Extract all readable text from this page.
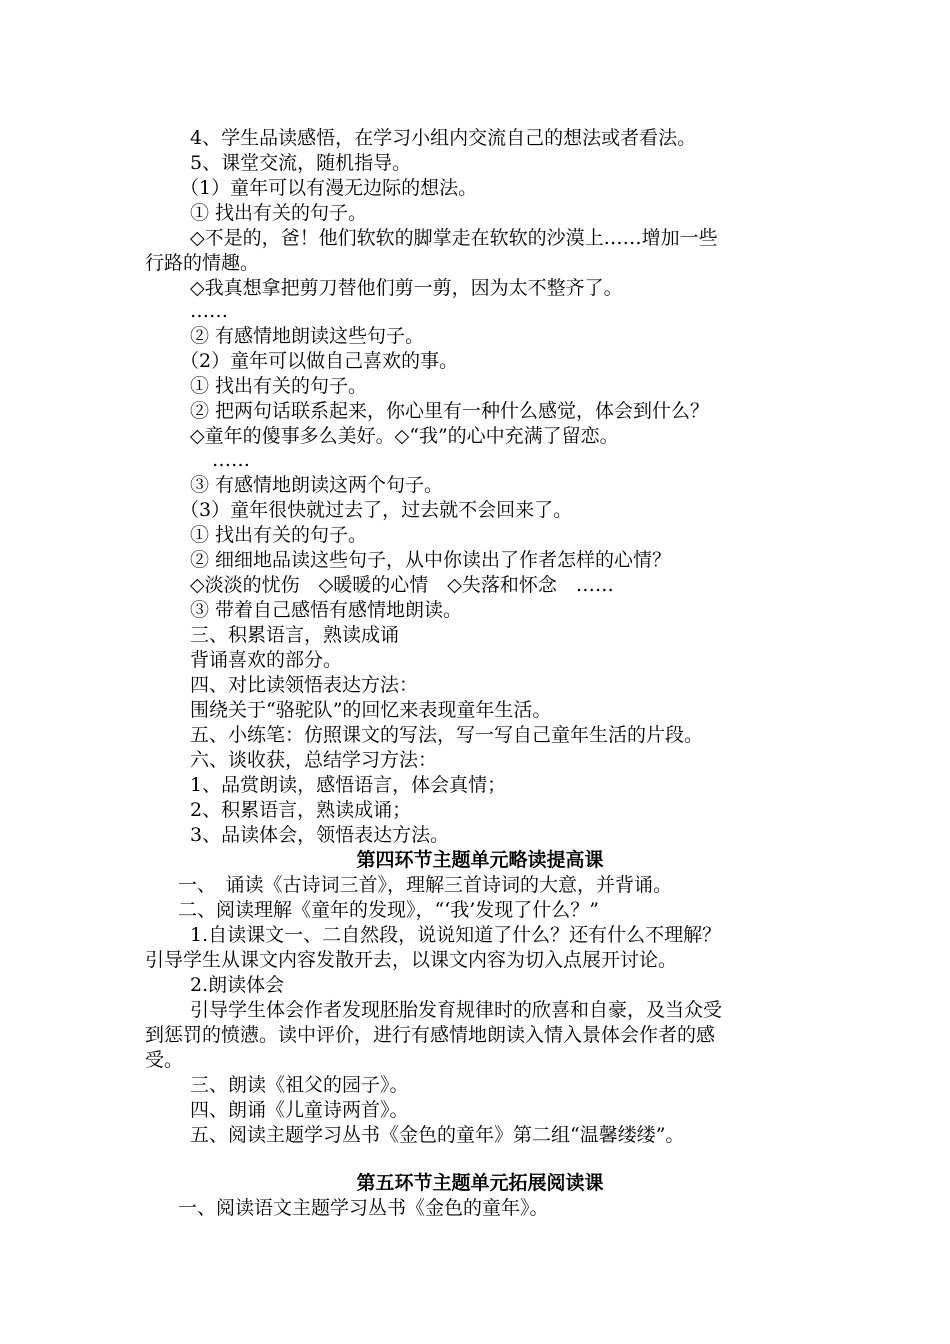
4、学生品读感悟，在学习小组内交流自己的想法或者看法。
5、课堂交流，随机指导。
（1）童年可以有漫无边际的想法。
① 找出有关的句子。
◇不是的，爸！他们软软的脚掌走在软软的沙漠上……增加一些
行路的情趣。
◇我真想拿把剪刀替他们剪一剪，因为太不整齐了。
……
② 有感情地朗读这些句子。
（2）童年可以做自己喜欢的事。
① 找出有关的句子。
② 把两句话联系起来，你心里有一种什么感觉，体会到什么？
◇童年的傻事多么美好。◇“我”的心中充满了留恋。
……
③ 有感情地朗读这两个句子。
（3）童年很快就过去了，过去就不会回来了。
① 找出有关的句子。
② 细细地品读这些句子，从中你读出了作者怎样的心情？
◇淡淡的忧伤　◇暖暖的心情　◇失落和怀念　……
③ 带着自己感悟有感情地朗读。
三、积累语言，熟读成诵
背诵喜欢的部分。
四、对比读领悟表达方法：
围绕关于“骆驼队”的回忆来表现童年生活。
五、小练笔：仿照课文的写法，写一写自己童年生活的片段。
六、谈收获，总结学习方法：
1、品赏朗读，感悟语言，体会真情；
2、积累语言，熟读成诵；
3、品读体会，领悟表达方法。
第四环节主题单元略读提高课
一、　诵读《古诗词三首》，理解三首诗词的大意，并背诵。
二、阅读理解《童年的发现》，“‘我’发现了什么？”
1.自读课文一、二自然段，说说知道了什么？还有什么不理解？
引导学生从课文内容发散开去，以课文内容为切入点展开讨论。
2.朗读体会
引导学生体会作者发现胚胎发育规律时的欣喜和自豪，及当众受
到惩罚的愤懑。读中评价，进行有感情地朗读入情入景体会作者的感
受。
三、朗读《祖父的园子》。
四、朗诵《儿童诗两首》。
五、阅读主题学习丛书《金色的童年》第二组“温馨缕缕”。
第五环节主题单元拓展阅读课
一、阅读语文主题学习丛书《金色的童年》。
